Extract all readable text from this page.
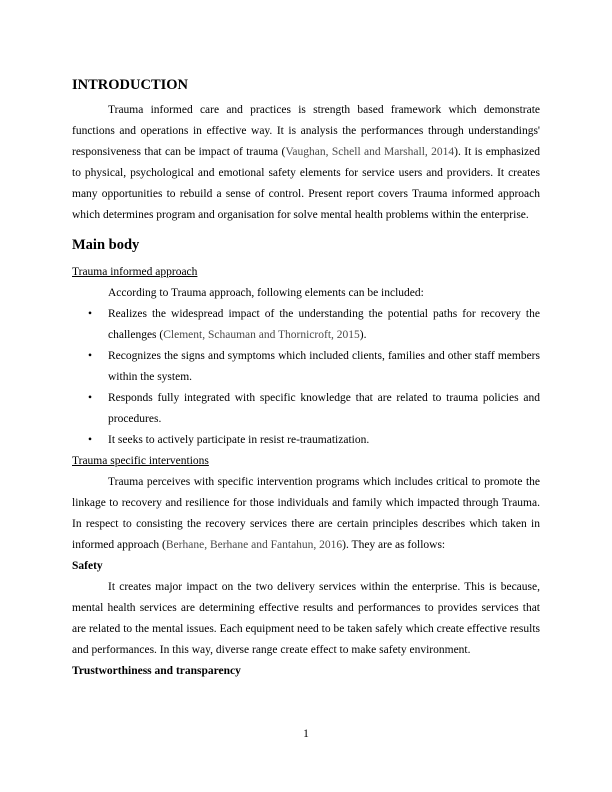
INTRODUCTION

Trauma informed care and practices is strength based framework which demonstrate functions and operations in effective way. It is analysis the performances through understandings' responsiveness that can be impact of trauma (Vaughan, Schell and Marshall, 2014). It is emphasized to physical, psychological and emotional safety elements for service users and providers. It creates many opportunities to rebuild a sense of control. Present report covers Trauma informed approach which determines program and organisation for solve mental health problems within the enterprise.

Main body

Trauma informed approach

According to Trauma approach, following elements can be included:

• Realizes the widespread impact of the understanding the potential paths for recovery the challenges (Clement, Schauman and Thornicroft, 2015).
• Recognizes the signs and symptoms which included clients, families and other staff members within the system.
• Responds fully integrated with specific knowledge that are related to trauma policies and procedures.
• It seeks to actively participate in resist re-traumatization.

Trauma specific interventions

Trauma perceives with specific intervention programs which includes critical to promote the linkage to recovery and resilience for those individuals and family which impacted through Trauma. In respect to consisting the recovery services there are certain principles describes which taken in informed approach (Berhane, Berhane and Fantahun, 2016). They are as follows:

Safety

It creates major impact on the two delivery services within the enterprise. This is because, mental health services are determining effective results and performances to provides services that are related to the mental issues. Each equipment need to be taken safely which create effective results and performances. In this way, diverse range create effect to make safety environment.

Trustworthiness and transparency

1
